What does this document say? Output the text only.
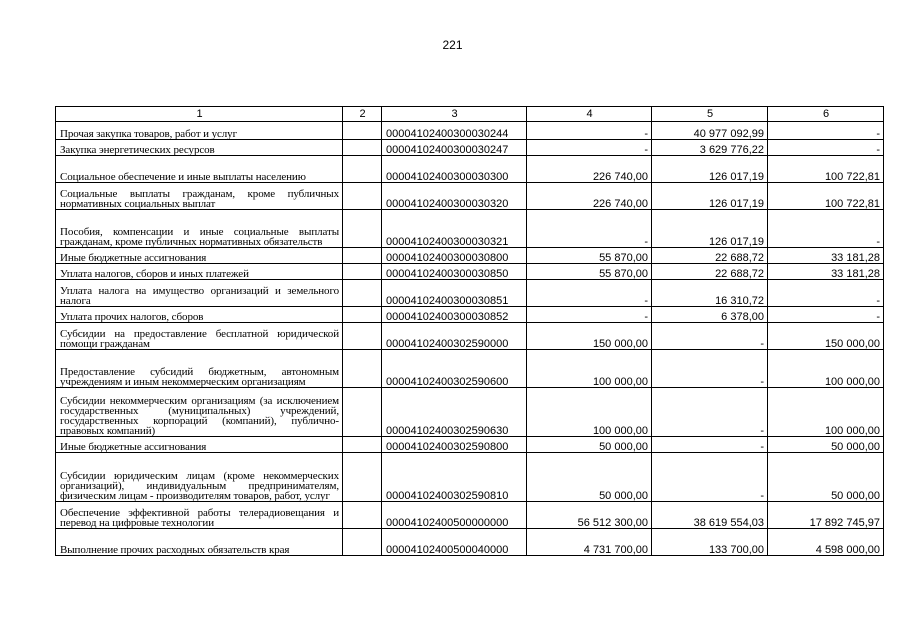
221
1	2	3	4	5	6
Прочая закупка товаров, работ и услуг		00004102400300030244	-	40 977 092,99	-
Закупка энергетических ресурсов		00004102400300030247	-	3 629 776,22	-
Социальное обеспечение и иные выплаты населению		00004102400300030300	226 740,00	126 017,19	100 722,81
Социальные выплаты гражданам, кроме публичных нормативных социальных выплат		00004102400300030320	226 740,00	126 017,19	100 722,81
Пособия, компенсации и иные социальные выплаты гражданам, кроме публичных нормативных обязательств		00004102400300030321	-	126 017,19	-
Иные бюджетные ассигнования		00004102400300030800	55 870,00	22 688,72	33 181,28
Уплата налогов, сборов и иных платежей		00004102400300030850	55 870,00	22 688,72	33 181,28
Уплата налога на имущество организаций и земельного налога		00004102400300030851	-	16 310,72	-
Уплата прочих налогов, сборов		00004102400300030852	-	6 378,00	-
Субсидии на предоставление бесплатной юридической помощи гражданам		00004102400302590000	150 000,00	-	150 000,00
Предоставление субсидий бюджетным, автономным учреждениям и иным некоммерческим организациям		00004102400302590600	100 000,00	-	100 000,00
Субсидии некоммерческим организациям (за исключением государственных (муниципальных) учреждений, государственных корпораций (компаний), публично-правовых компаний)		00004102400302590630	100 000,00	-	100 000,00
Иные бюджетные ассигнования		00004102400302590800	50 000,00	-	50 000,00
Субсидии юридическим лицам (кроме некоммерческих организаций), индивидуальным предпринимателям, физическим лицам - производителям товаров, работ, услуг		00004102400302590810	50 000,00	-	50 000,00
Обеспечение эффективной работы телерадиовещания и перевод на цифровые технологии		00004102400500000000	56 512 300,00	38 619 554,03	17 892 745,97
Выполнение прочих расходных обязательств края		00004102400500040000	4 731 700,00	133 700,00	4 598 000,00
